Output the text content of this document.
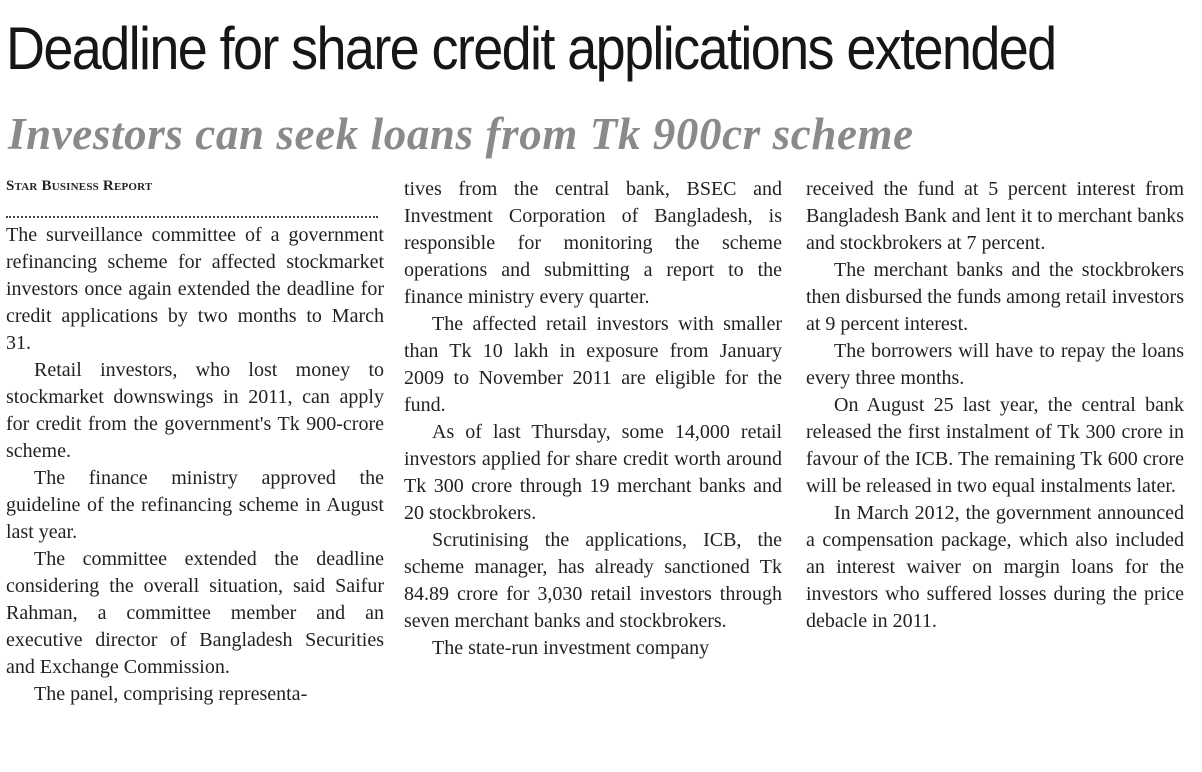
Deadline for share credit applications extended
Investors can seek loans from Tk 900cr scheme
Star Business Report

The surveillance committee of a government refinancing scheme for affected stockmarket investors once again extended the deadline for credit applications by two months to March 31.

Retail investors, who lost money to stockmarket downswings in 2011, can apply for credit from the government's Tk 900-crore scheme.

The finance ministry approved the guideline of the refinancing scheme in August last year.

The committee extended the deadline considering the overall situation, said Saifur Rahman, a committee member and an executive director of Bangladesh Securities and Exchange Commission.

The panel, comprising representa-

tives from the central bank, BSEC and Investment Corporation of Bangladesh, is responsible for monitoring the scheme operations and submitting a report to the finance ministry every quarter.

The affected retail investors with smaller than Tk 10 lakh in exposure from January 2009 to November 2011 are eligible for the fund.

As of last Thursday, some 14,000 retail investors applied for share credit worth around Tk 300 crore through 19 merchant banks and 20 stockbrokers.

Scrutinising the applications, ICB, the scheme manager, has already sanctioned Tk 84.89 crore for 3,030 retail investors through seven merchant banks and stockbrokers.

The state-run investment company

received the fund at 5 percent interest from Bangladesh Bank and lent it to merchant banks and stockbrokers at 7 percent.

The merchant banks and the stockbrokers then disbursed the funds among retail investors at 9 percent interest.

The borrowers will have to repay the loans every three months.

On August 25 last year, the central bank released the first instalment of Tk 300 crore in favour of the ICB. The remaining Tk 600 crore will be released in two equal instalments later.

In March 2012, the government announced a compensation package, which also included an interest waiver on margin loans for the investors who suffered losses during the price debacle in 2011.
